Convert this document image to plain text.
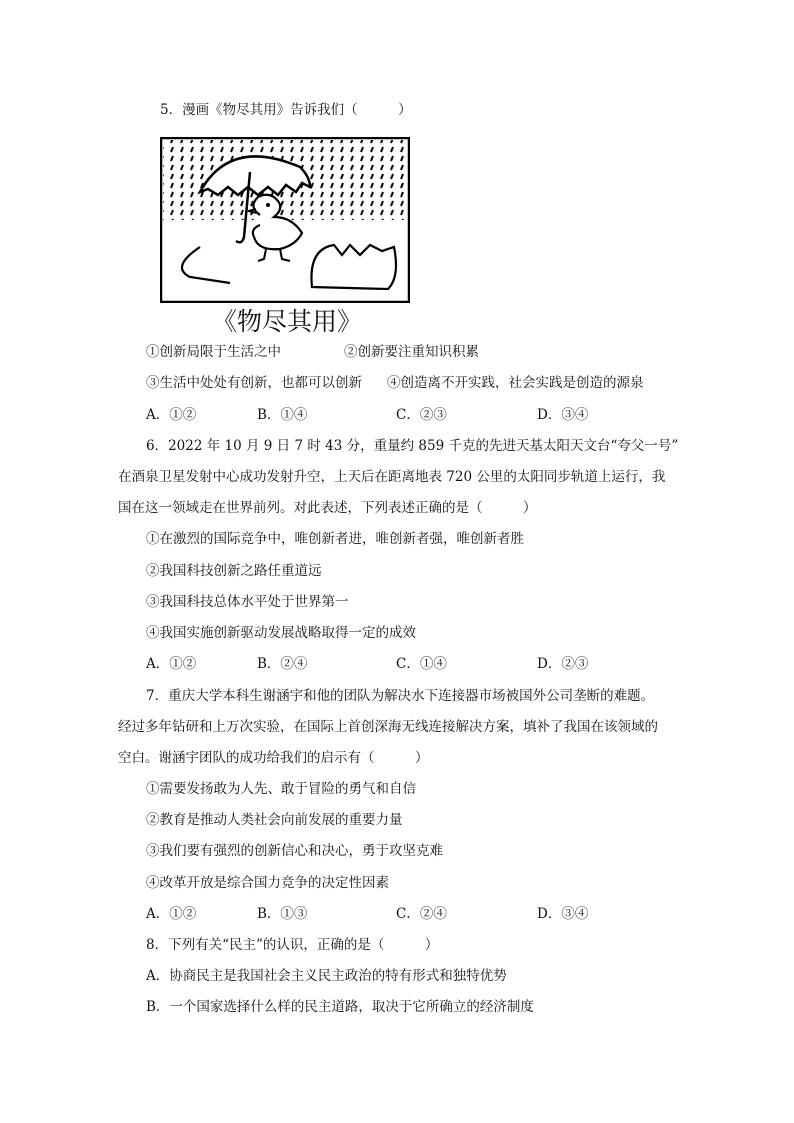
5．漫画《物尽其用》告诉我们（　　　）
《物尽其用》
①创新局限于生活之中	②创新要注重知识积累
③生活中处处有创新，也都可以创新 ④创造离不开实践，社会实践是创造的源泉
A．①②	B．①④	C．②③	D．③④
6．2022 年 10 月 9 日 7 时 43 分，重量约 859 千克的先进天基太阳天文台“夸父一号”
在酒泉卫星发射中心成功发射升空，上天后在距离地表 720 公里的太阳同步轨道上运行，我
国在这一领域走在世界前列。对此表述，下列表述正确的是（　　　）
①在激烈的国际竞争中，唯创新者进，唯创新者强，唯创新者胜
②我国科技创新之路任重道远
③我国科技总体水平处于世界第一
④我国实施创新驱动发展战略取得一定的成效
A．①②	B．②④	C．①④	D．②③
7．重庆大学本科生谢涵宇和他的团队为解决水下连接器市场被国外公司垄断的难题。
经过多年钻研和上万次实验，在国际上首创深海无线连接解决方案，填补了我国在该领域的
空白。谢涵宇团队的成功给我们的启示有（　　　）
①需要发扬敢为人先、敢于冒险的勇气和自信
②教育是推动人类社会向前发展的重要力量
③我们要有强烈的创新信心和决心，勇于攻坚克难
④改革开放是综合国力竞争的决定性因素
A．①②	B．①③	C．②④	D．③④
8．下列有关“民主”的认识，正确的是（　　　）
A．协商民主是我国社会主义民主政治的特有形式和独特优势
B．一个国家选择什么样的民主道路，取决于它所确立的经济制度
